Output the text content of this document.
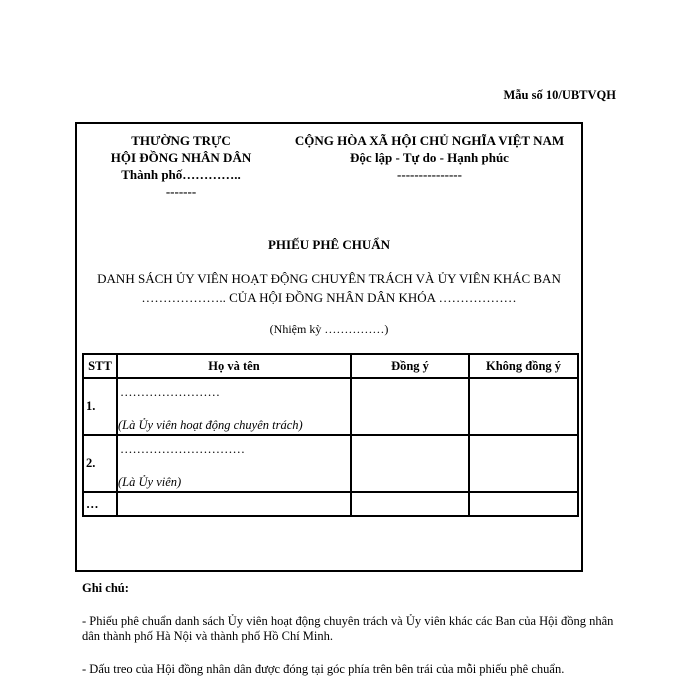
Mẫu số 10/UBTVQH
THƯỜNG TRỰC
HỘI ĐỒNG NHÂN DÂN
Thành phố…………..
-------
CỘNG HÒA XÃ HỘI CHỦ NGHĨA VIỆT NAM
Độc lập - Tự do - Hạnh phúc
---------------
PHIẾU PHÊ CHUẨN
DANH SÁCH ỦY VIÊN HOẠT ĐỘNG CHUYÊN TRÁCH VÀ ỦY VIÊN KHÁC BAN
……………….. CỦA HỘI ĐỒNG NHÂN DÂN KHÓA ………………
(Nhiệm kỳ ……………)
STT	Họ và tên	Đồng ý	Không đồng ý
1.	……………………
(Là Ủy viên hoạt động chuyên trách)		

2.	…………………………
(Là Ủy viên)		

…			
Ghi chú:
- Phiếu phê chuẩn danh sách Ủy viên hoạt động chuyên trách và Ủy viên khác các Ban của Hội đồng nhân dân thành phố Hà Nội và thành phố Hồ Chí Minh.
- Dấu treo của Hội đồng nhân dân được đóng tại góc phía trên bên trái của mỗi phiếu phê chuẩn.
